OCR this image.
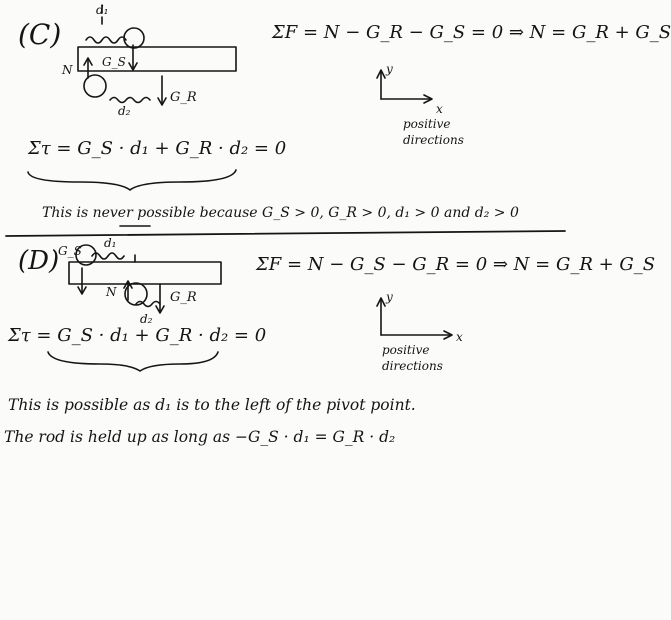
(C)	ΣF = N − G_R − G_S = 0 ⇒ N = G_R + G_S
d₁
G_S
N
d₂
G_R
y
x
positive
directions
Στ = G_S · d₁ + G_R · d₂ = 0
This is never possible because G_S > 0, G_R > 0, d₁ > 0 and d₂ > 0
(D)	ΣF = N − G_S − G_R = 0 ⇒ N = G_R + G_S
d₁
G_S
N
d₂
G_R	y
x
positive
directions
Στ = G_S · d₁ + G_R · d₂ = 0
This is possible as d₁ is to the left of the pivot point.
The rod is held up as long as −G_S · d₁ = G_R · d₂
